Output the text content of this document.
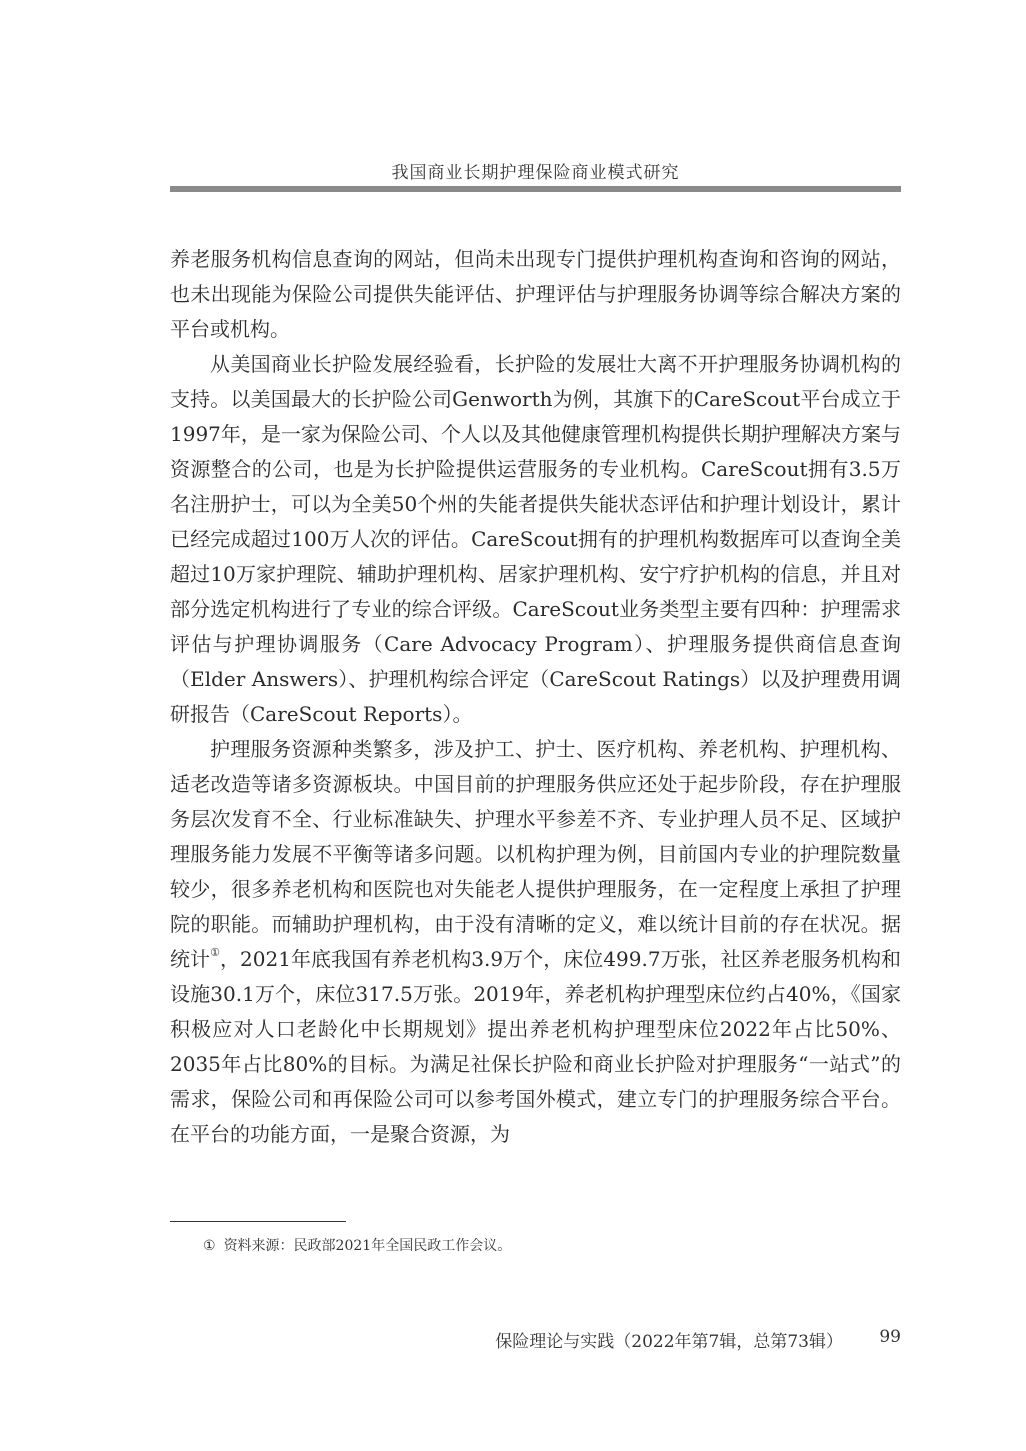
我国商业长期护理保险商业模式研究

养老服务机构信息查询的网站，但尚未出现专门提供护理机构查询和咨询的网站，也未出现能为保险公司提供失能评估、护理评估与护理服务协调等综合解决方案的平台或机构。

从美国商业长护险发展经验看，长护险的发展壮大离不开护理服务协调机构的支持。以美国最大的长护险公司Genworth为例，其旗下的CareScout平台成立于1997年，是一家为保险公司、个人以及其他健康管理机构提供长期护理解决方案与资源整合的公司，也是为长护险提供运营服务的专业机构。CareScout拥有3.5万名注册护士，可以为全美50个州的失能者提供失能状态评估和护理计划设计，累计已经完成超过100万人次的评估。CareScout拥有的护理机构数据库可以查询全美超过10万家护理院、辅助护理机构、居家护理机构、安宁疗护机构的信息，并且对部分选定机构进行了专业的综合评级。CareScout业务类型主要有四种：护理需求评估与护理协调服务（Care Advocacy Program）、护理服务提供商信息查询（Elder Answers）、护理机构综合评定（CareScout Ratings）以及护理费用调研报告（CareScout Reports）。

护理服务资源种类繁多，涉及护工、护士、医疗机构、养老机构、护理机构、适老改造等诸多资源板块。中国目前的护理服务供应还处于起步阶段，存在护理服务层次发育不全、行业标准缺失、护理水平参差不齐、专业护理人员不足、区域护理服务能力发展不平衡等诸多问题。以机构护理为例，目前国内专业的护理院数量较少，很多养老机构和医院也对失能老人提供护理服务，在一定程度上承担了护理院的职能。而辅助护理机构，由于没有清晰的定义，难以统计目前的存在状况。据统计①，2021年底我国有养老机构3.9万个，床位499.7万张，社区养老服务机构和设施30.1万个，床位317.5万张。2019年，养老机构护理型床位约占40%，《国家积极应对人口老龄化中长期规划》提出养老机构护理型床位2022年占比50%、2035年占比80%的目标。为满足社保长护险和商业长护险对护理服务“一站式”的需求，保险公司和再保险公司可以参考国外模式，建立专门的护理服务综合平台。在平台的功能方面，一是聚合资源，为

① 资料来源：民政部2021年全国民政工作会议。
保险理论与实践（2022年第7辑，总第73辑） 99
